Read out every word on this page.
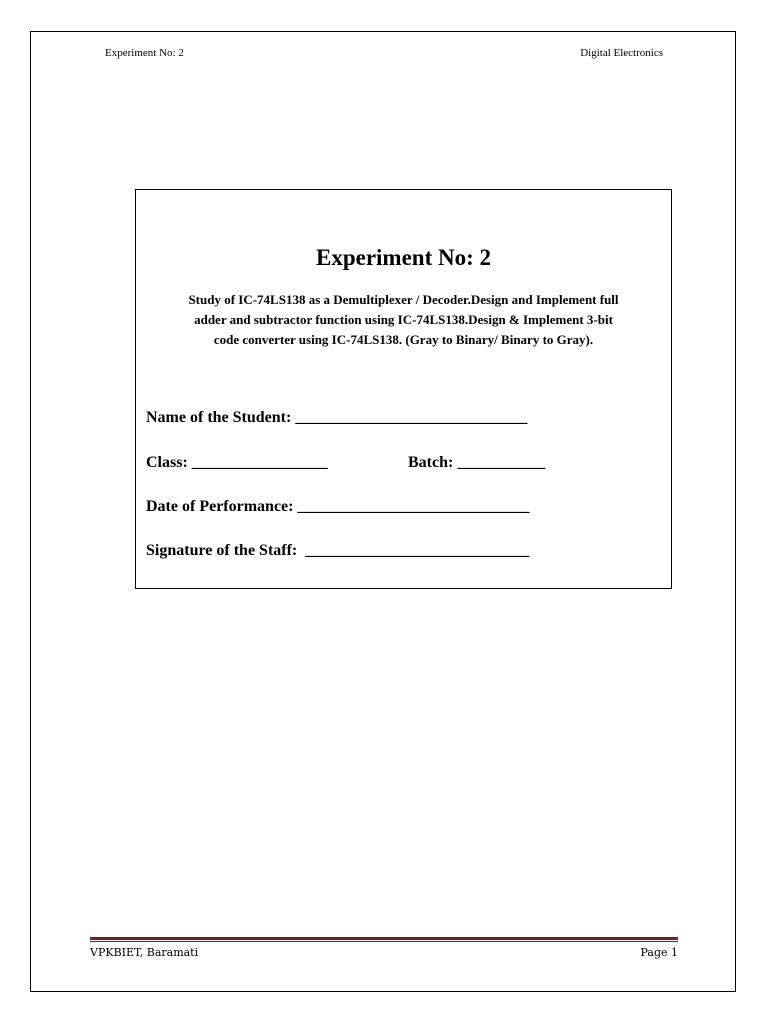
Experiment No: 2	Digital Electronics
Experiment No: 2
Study of IC-74LS138 as a Demultiplexer / Decoder.Design and Implement full
adder and subtractor function using IC-74LS138.Design & Implement 3-bit
code converter using IC-74LS138. (Gray to Binary/ Binary to Gray).
Name of the Student: _____________________________
Class: _________________	Batch: ___________
Date of Performance: _____________________________
Signature of the Staff:  ____________________________
VPKBIET, Baramati	Page 1
